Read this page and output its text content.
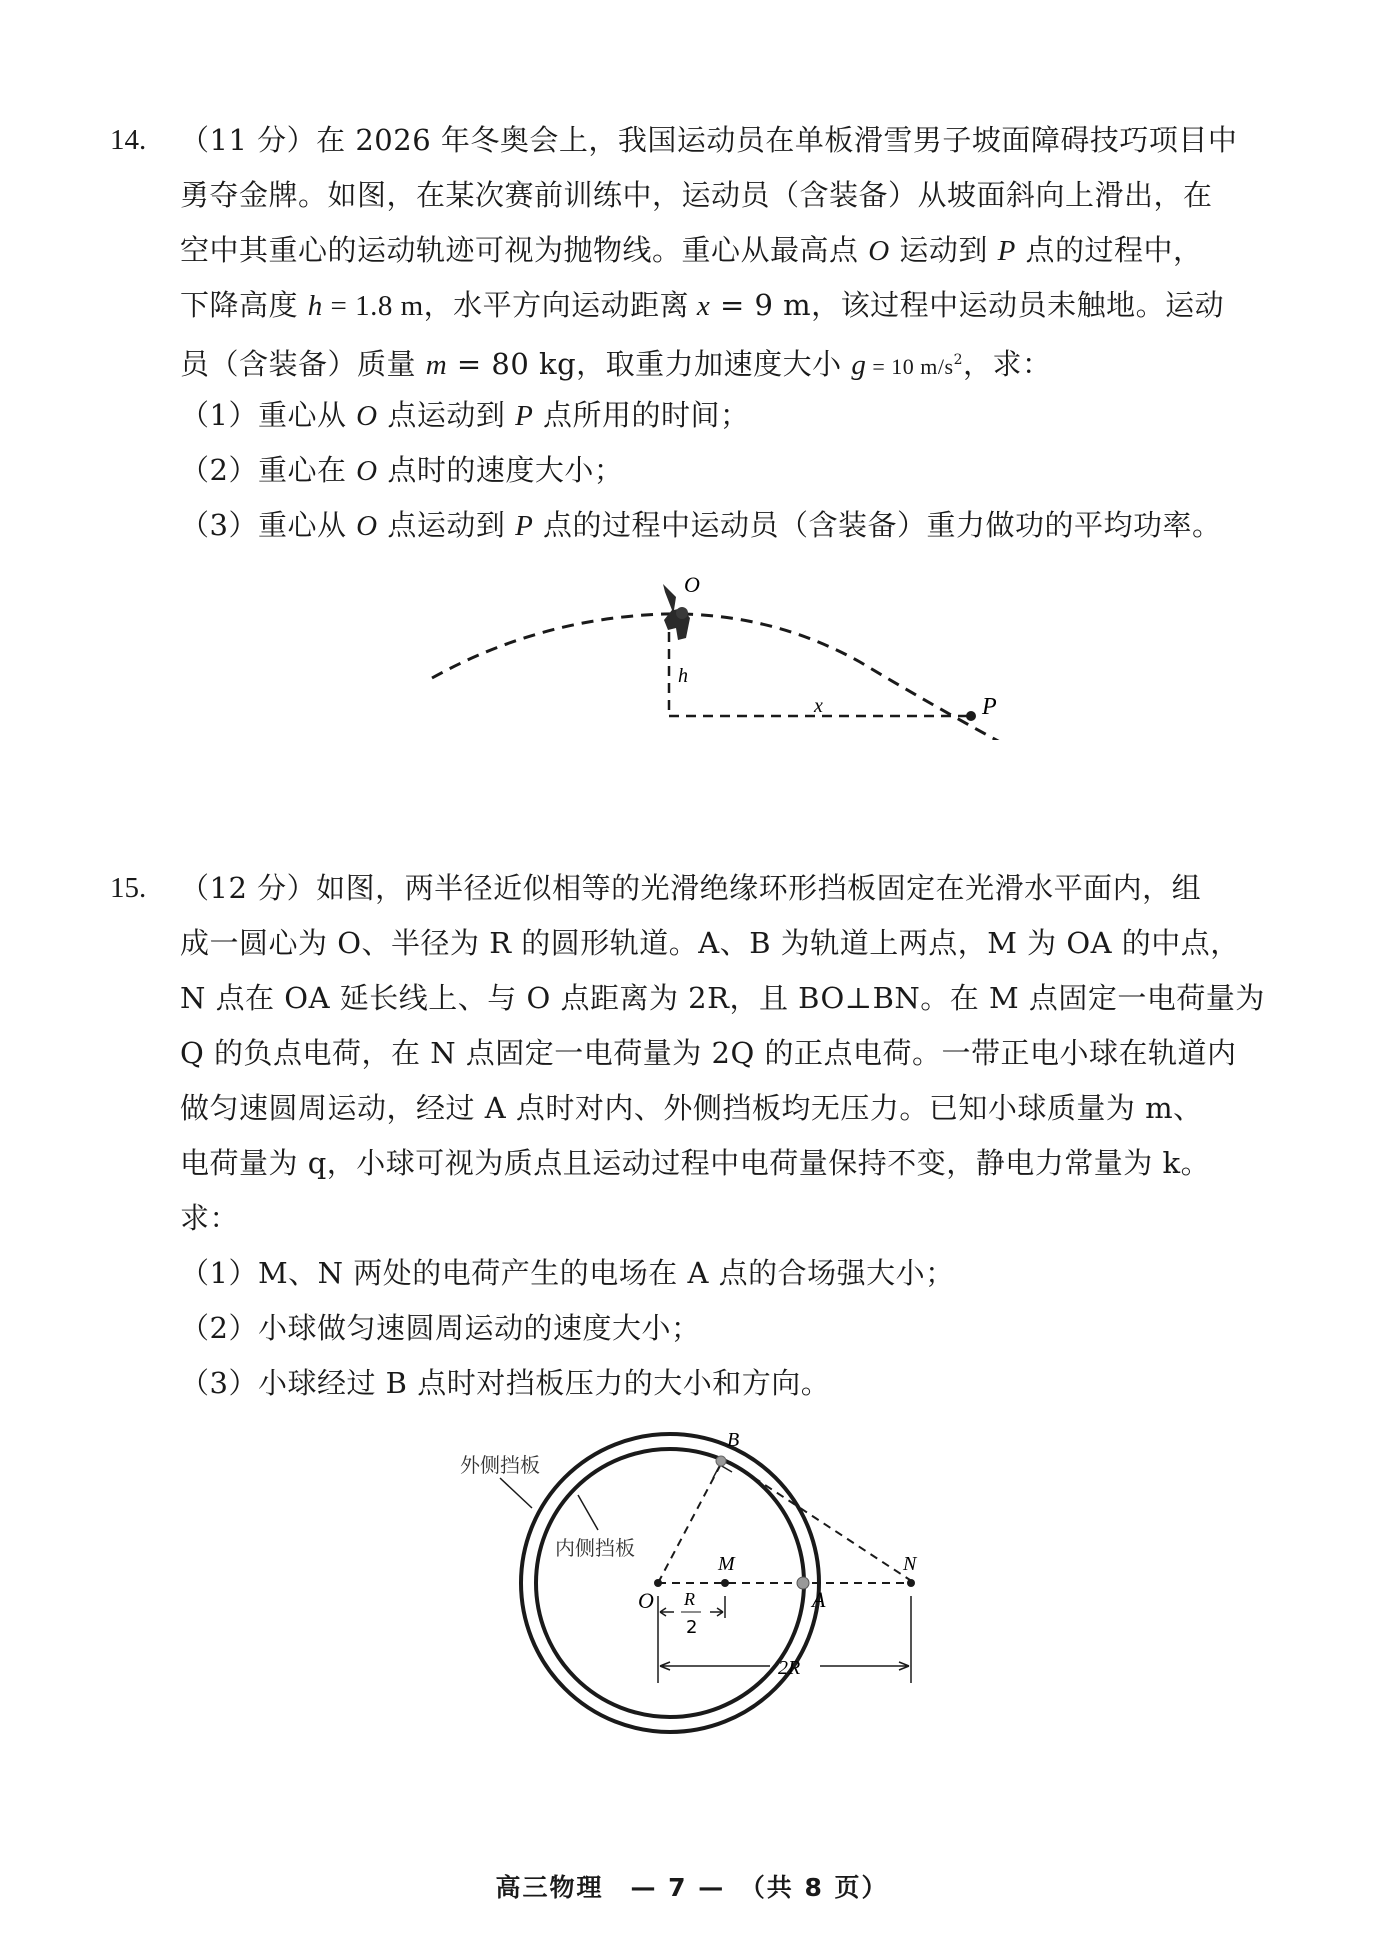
14. （11 分）在 2026 年冬奥会上，我国运动员在单板滑雪男子坡面障碍技巧项目中
勇夺金牌。如图，在某次赛前训练中，运动员（含装备）从坡面斜向上滑出，在
空中其重心的运动轨迹可视为抛物线。重心从最高点 O 运动到 P 点的过程中，
下降高度 h = 1.8 m，水平方向运动距离 x = 9 m，该过程中运动员未触地。运动
员（含装备）质量 m = 80 kg，取重力加速度大小 g = 10 $m/s^2$，求：
（1）重心从 O 点运动到 P 点所用的时间；
（2）重心在 O 点时的速度大小；
（3）重心从 O 点运动到 P 点的过程中运动员（含装备）重力做功的平均功率。
O
P
h
x
15. （12 分）如图，两半径近似相等的光滑绝缘环形挡板固定在光滑水平面内，组
成一圆心为 O、半径为 R 的圆形轨道。A、B 为轨道上两点，M 为 OA 的中点，
N 点在 OA 延长线上、与 O 点距离为 2R，且 BO⊥BN。在 M 点固定一电荷量为
Q 的负点电荷，在 N 点固定一电荷量为 2Q 的正点电荷。一带正电小球在轨道内
做匀速圆周运动，经过 A 点时对内、外侧挡板均无压力。已知小球质量为 m、
电荷量为 q，小球可视为质点且运动过程中电荷量保持不变，静电力常量为 k。
求：
（1）M、N 两处的电荷产生的电场在 A 点的合场强大小；
（2）小球做匀速圆周运动的速度大小；
（3）小球经过 B 点时对挡板压力的大小和方向。
外侧挡板
内侧挡板
O
M
A
B
N
R
2
2R
高三物理　— 7 —　（共 8 页）
